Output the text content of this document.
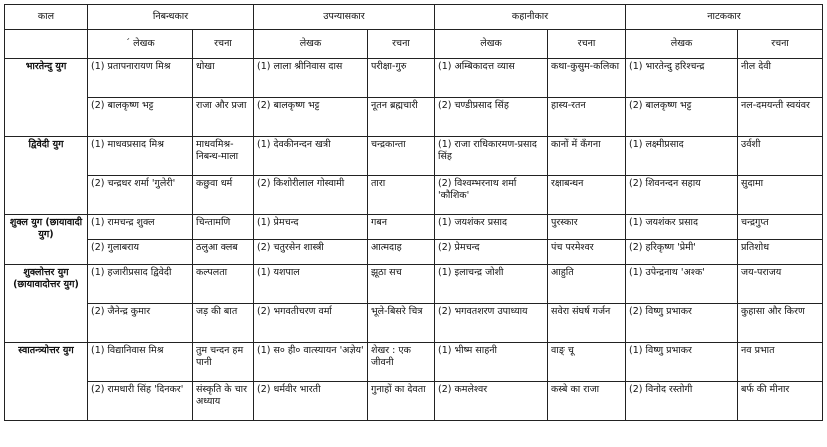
काल	निबन्धकार		उपन्यासकार		कहानीकार		नाटककार	
	´ लेखक	रचना	लेखक	रचना	लेखक	रचना	लेखक	रचना
भारतेन्दु युग	(1) प्रतापनारायण मिश्र	धोखा	(1) लाला श्रीनिवास दास	परीक्षा-गुरु	(1) अम्बिकादत्त व्यास	कथा-कुसुम-कलिका	(1) भारतेन्दु हरिश्चन्द्र	नील देवी
	(2) बालकृष्ण भट्ट	राजा और प्रजा	(2) बालकृष्ण भट्ट	नूतन ब्रह्मचारी	(2) चण्डीप्रसाद सिंह	हास्य-रतन	(2) बालकृष्ण भट्ट	नल-दमयन्ती स्वयंवर
द्विवेदी युग	(1) माधवप्रसाद मिश्र	माधवमिश्र-निबन्ध-माला	(1) देवकीनन्दन खत्री	चन्द्रकान्ता	(1) राजा राधिकारमण-प्रसाद सिंह	कानों में कँगना	(1) लक्ष्मीप्रसाद	उर्वशी
	(2) चन्द्रधर शर्मा 'गुलेरी'	कछुवा धर्म	(2) किशोरीलाल गोस्वामी	तारा	(2) विश्वम्भरनाथ शर्मा 'कौशिक'	रक्षाबन्धन	(2) शिवनन्दन सहाय	सुदामा
शुक्ल युग (छायावादी युग)	(1) रामचन्द्र शुक्ल	चिन्तामणि	(1) प्रेमचन्द	गबन	(1) जयशंकर प्रसाद	पुरस्कार	(1) जयशंकर प्रसाद	चन्द्रगुप्त
	(2) गुलाबराय	ठलुआ क्लब	(2) चतुरसेन शास्त्री	आत्मदाह	(2) प्रेमचन्द	पंच परमेश्वर	(2) हरिकृष्ण 'प्रेमी'	प्रतिशोध
शुक्लोत्तर युग (छायावादोत्तर युग)	(1) हजारीप्रसाद द्विवेदी	कल्पलता	(1) यशपाल	झूठा सच	(1) इलाचन्द्र जोशी	आहुति	(1) उपेन्द्रनाथ 'अश्क'	जय-पराजय
	(2) जैनेन्द्र कुमार	जड़ की बात	(2) भगवतीचरण वर्मा	भूले-बिसरे चित्र	(2) भगवतशरण उपाध्याय	सवेरा संघर्ष गर्जन	(2) विष्णु प्रभाकर	कुहासा और किरण
स्वातन्त्र्योत्तर युग	(1) विद्यानिवास मिश्र	तुम चन्दन हम पानी	(1) स० ही० वात्स्यायन 'अज्ञेय'	शेखर : एक जीवनी	(1) भीष्म साहनी	वाङ् चू	(1) विष्णु प्रभाकर	नव प्रभात
	(2) रामधारी सिंह 'दिनकर'	संस्कृति के चार अध्याय	(2) धर्मवीर भारती	गुनाहों का देवता	(2) कमलेश्वर	कस्बे का राजा	(2) विनोद रस्तोगी	बर्फ की मीनार
